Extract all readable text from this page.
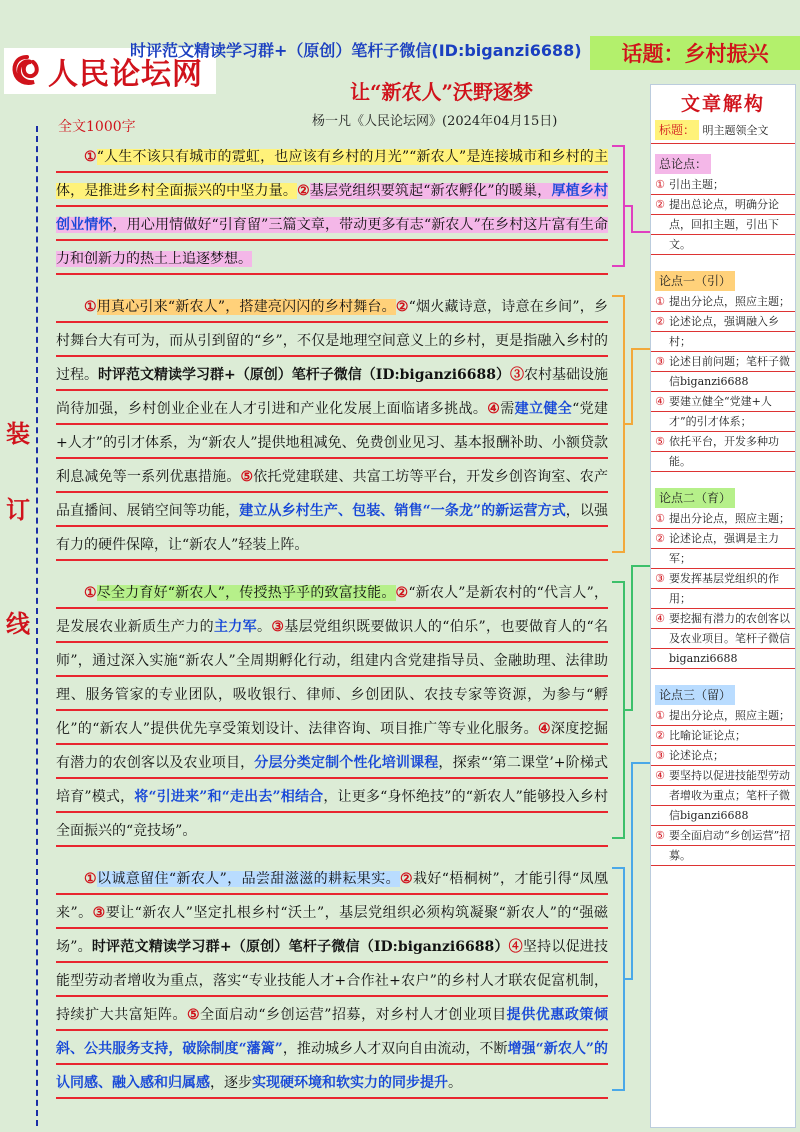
人民论坛网
时评范文精读学习群+（原创）笔杆子微信(ID:biganzi6688)	话题：乡村振兴
让“新农人”沃野逐梦
杨一凡《人民论坛网》(2024年04月15日)
全文1000字
装
订
线
①“人生不该只有城市的霓虹，也应该有乡村的月光”“新农人”是连接城市和乡村的主体，是推进乡村全面振兴的中坚力量。②基层党组织要筑起“新农孵化”的暖巢，厚植乡村创业情怀，用心用情做好“引育留”三篇文章，带动更多有志“新农人”在乡村这片富有生命力和创新力的热土上追逐梦想。
①用真心引来“新农人”，搭建亮闪闪的乡村舞台。②“烟火藏诗意，诗意在乡间”，乡村舞台大有可为，而从引到留的“乡”，不仅是地理空间意义上的乡村，更是指融入乡村的过程。时评范文精读学习群+（原创）笔杆子微信（ID:biganzi6688）③农村基础设施尚待加强，乡村创业企业在人才引进和产业化发展上面临诸多挑战。④需建立健全“党建+人才”的引才体系，为“新农人”提供地租减免、免费创业见习、基本报酬补助、小额贷款利息减免等一系列优惠措施。⑤依托党建联建、共富工坊等平台，开发乡创咨询室、农产品直播间、展销空间等功能，建立从乡村生产、包装、销售“一条龙”的新运营方式，以强有力的硬件保障，让“新农人”轻装上阵。
①尽全力育好“新农人”，传授热乎乎的致富技能。②“新农人”是新农村的“代言人”，是发展农业新质生产力的主力军。③基层党组织既要做识人的“伯乐”，也要做育人的“名师”，通过深入实施“新农人”全周期孵化行动，组建内含党建指导员、金融助理、法律助理、服务管家的专业团队，吸收银行、律师、乡创团队、农技专家等资源，为参与“孵化”的“新农人”提供优先享受策划设计、法律咨询、项目推广等专业化服务。④深度挖掘有潜力的农创客以及农业项目，分层分类定制个性化培训课程，探索“‘第二课堂’+阶梯式培育”模式，将“引进来”和“走出去”相结合，让更多“身怀绝技”的“新农人”能够投入乡村全面振兴的“竞技场”。
①以诚意留住“新农人”，品尝甜滋滋的耕耘果实。②栽好“梧桐树”，才能引得“凤凰来”。③要让“新农人”坚定扎根乡村“沃土”，基层党组织必须构筑凝聚“新农人”的“强磁场”。时评范文精读学习群+（原创）笔杆子微信（ID:biganzi6688）④坚持以促进技能型劳动者增收为重点，落实“专业技能人才+合作社+农户”的乡村人才联农促富机制，持续扩大共富矩阵。⑤全面启动“乡创运营”招募，对乡村人才创业项目提供优惠政策倾斜、公共服务支持，破除制度“藩篱”，推动城乡人才双向自由流动，不断增强“新农人”的认同感、融入感和归属感，逐步实现硬环境和软实力的同步提升。
文章解构
标题： 明主题领全文
总论点：
① 引出主题；
② 提出总论点，明确分论点，回扣主题，引出下文。
论点一（引）
① 提出分论点，照应主题；
② 论述论点，强调融入乡村；
③ 论述目前问题；笔杆子微信biganzi6688
④ 要建立健全“党建+人才”的引才体系；
⑤ 依托平台，开发多种功能。
论点二（育）
① 提出分论点，照应主题；
② 论述论点，强调是主力军；
③ 要发挥基层党组织的作用；
④ 要挖掘有潜力的农创客以及农业项目。笔杆子微信biganzi6688
论点三（留）
① 提出分论点，照应主题；
② 比喻论证论点；
③ 论述论点；
④ 要坚持以促进技能型劳动者增收为重点；笔杆子微信biganzi6688
⑤ 要全面启动“乡创运营”招募。
